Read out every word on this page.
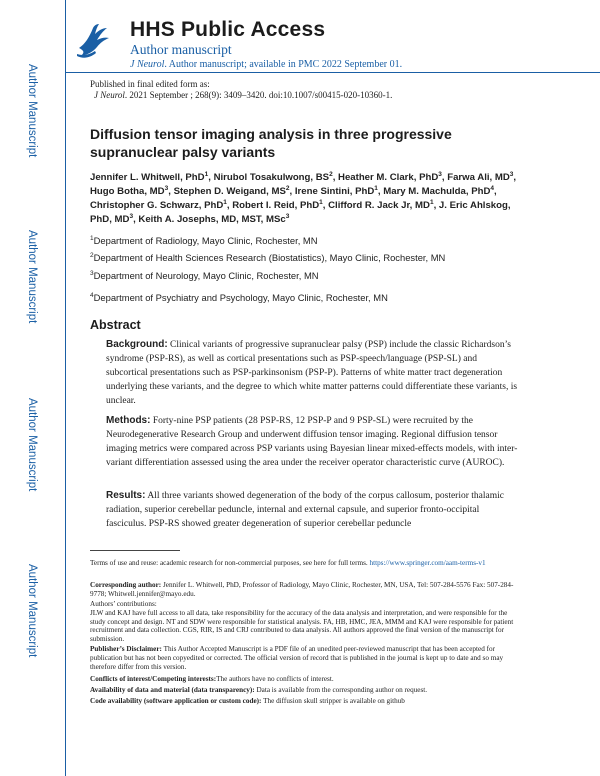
Author Manuscript
Author Manuscript
Author Manuscript
Author Manuscript
HHS Public Access
Author manuscript
J Neurol. Author manuscript; available in PMC 2022 September 01.
Published in final edited form as:
J Neurol. 2021 September ; 268(9): 3409–3420. doi:10.1007/s00415-020-10360-1.
Diffusion tensor imaging analysis in three progressive supranuclear palsy variants
Jennifer L. Whitwell, PhD$^1$, Nirubol Tosakulwong, $BS^2$, Heather M. Clark, PhD$^3$, Farwa Ali, $MD^3$, Hugo Botha, $MD^3$, Stephen D. Weigand, $MS^2$, Irene Sintini, PhD$^1$, Mary M. Machulda, PhD$^4$, Christopher G. Schwarz, PhD$^1$, Robert I. Reid, PhD$^1$, Clifford R. Jack Jr, $MD^1$, J. Eric Ahlskog, PhD, $MD^3$, Keith A. Josephs, MD, MST, MSc$^3$
$^1$Department of Radiology, Mayo Clinic, Rochester, MN
$^2$Department of Health Sciences Research (Biostatistics), Mayo Clinic, Rochester, MN
$^3$Department of Neurology, Mayo Clinic, Rochester, MN
$^4$Department of Psychiatry and Psychology, Mayo Clinic, Rochester, MN
Abstract
Background: Clinical variants of progressive supranuclear palsy (PSP) include the classic Richardson’s syndrome (PSP-RS), as well as cortical presentations such as PSP-speech/language (PSP-SL) and subcortical presentations such as PSP-parkinsonism (PSP-P). Patterns of white matter tract degeneration underlying these variants, and the degree to which white matter patterns could differentiate these variants, is unclear.
Methods: Forty-nine PSP patients (28 PSP-RS, 12 PSP-P and 9 PSP-SL) were recruited by the Neurodegenerative Research Group and underwent diffusion tensor imaging. Regional diffusion tensor imaging metrics were compared across PSP variants using Bayesian linear mixed-effects models, with inter-variant differentiation assessed using the area under the receiver operator characteristic curve (AUROC).
Results: All three variants showed degeneration of the body of the corpus callosum, posterior thalamic radiation, superior cerebellar peduncle, internal and external capsule, and superior fronto-occipital fasciculus. PSP-RS showed greater degeneration of superior cerebellar peduncle
Terms of use and reuse: academic research for non-commercial purposes, see here for full terms. https://www.springer.com/aam-terms-v1
Corresponding author: Jennifer L. Whitwell, PhD, Professor of Radiology, Mayo Clinic, Rochester, MN, USA, Tel: 507-284-5576 Fax: 507-284-9778; Whitwell.jennifer@mayo.edu.
Authors’ contributions:
JLW and KAJ have full access to all data, take responsibility for the accuracy of the data analysis and interpretation, and were responsible for the study concept and design. NT and SDW were responsible for statistical analysis. FA, HB, HMC, JEA, MMM and KAJ were responsible for patient recruitment and data collection. CGS, RIR, IS and CRJ contributed to data analysis. All authors approved the final version of the manuscript for submission.
Publisher’s Disclaimer: This Author Accepted Manuscript is a PDF file of an unedited peer-reviewed manuscript that has been accepted for publication but has not been copyedited or corrected. The official version of record that is published in the journal is kept up to date and so may therefore differ from this version.
Conflicts of interest/Competing interests:The authors have no conflicts of interest.
Availability of data and material (data transparency): Data is available from the corresponding author on request.
Code availability (software application or custom code): The diffusion skull stripper is available on github
